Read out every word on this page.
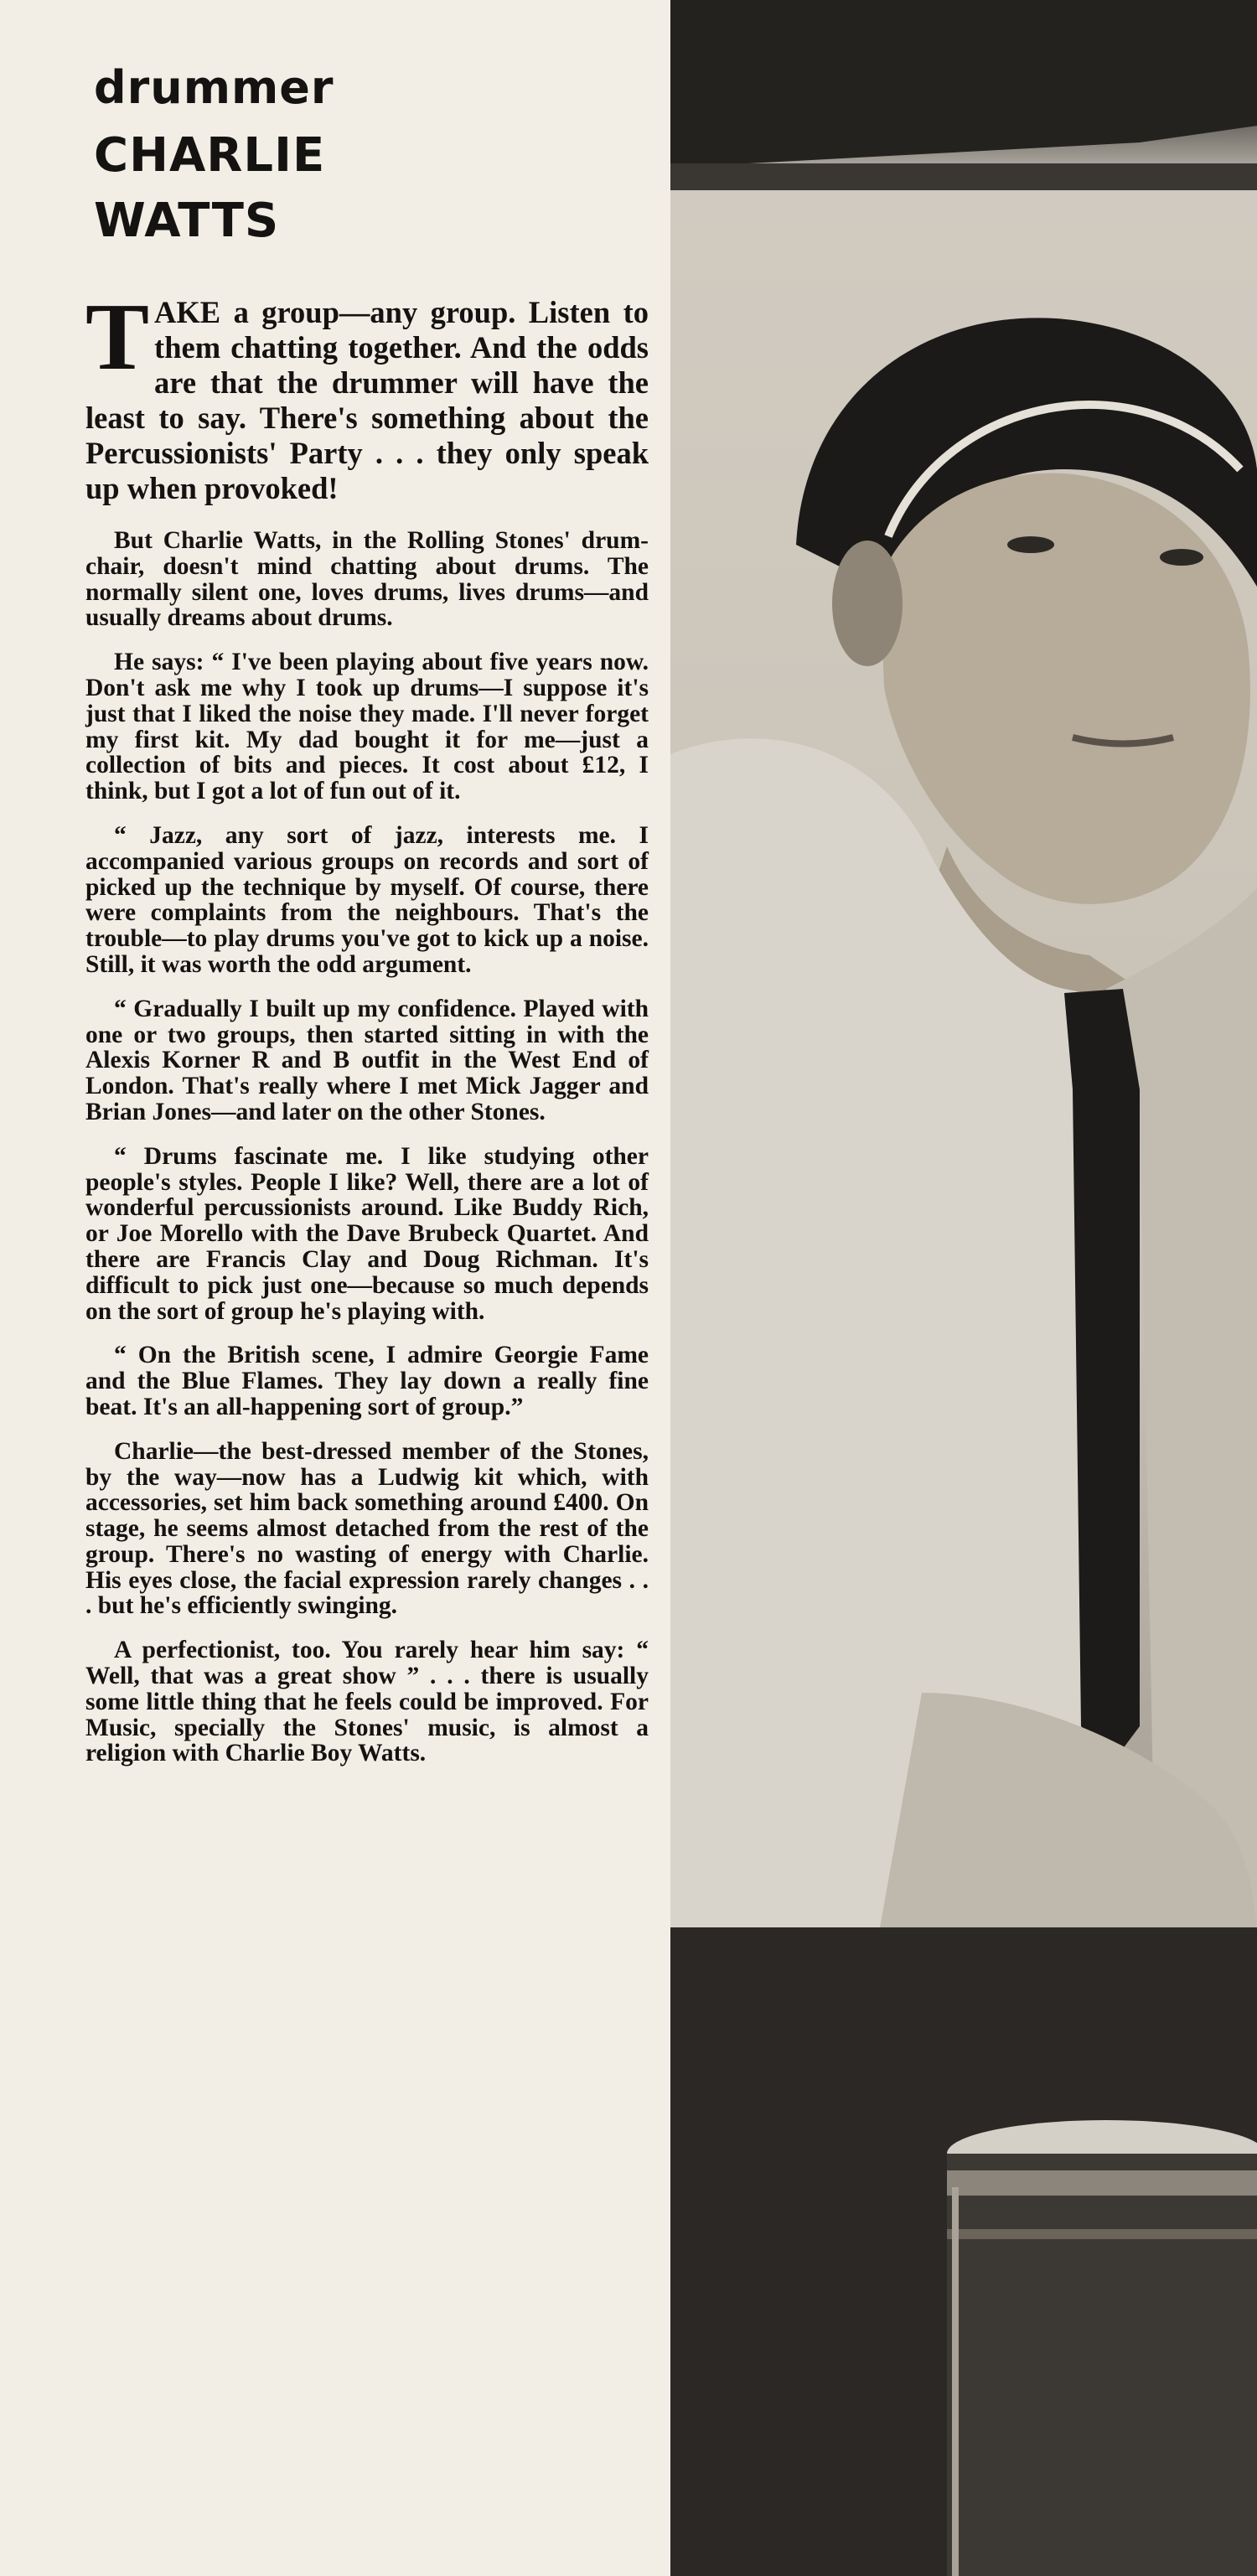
drummer
CHARLIE
WATTS

TAKE a group—any group. Listen to them chatting together. And the odds are that the drummer will have the least to say. There's something about the Percussionists' Party . . . they only speak up when provoked!

But Charlie Watts, in the Rolling Stones' drum-chair, doesn't mind chatting about drums. The normally silent one, loves drums, lives drums—and usually dreams about drums.

He says: “ I've been playing about five years now. Don't ask me why I took up drums—I suppose it's just that I liked the noise they made. I'll never forget my first kit. My dad bought it for me—just a collection of bits and pieces. It cost about £12, I think, but I got a lot of fun out of it.

“ Jazz, any sort of jazz, interests me. I accompanied various groups on records and sort of picked up the technique by myself. Of course, there were complaints from the neighbours. That's the trouble—to play drums you've got to kick up a noise. Still, it was worth the odd argument.

“ Gradually I built up my confidence. Played with one or two groups, then started sitting in with the Alexis Korner R and B outfit in the West End of London. That's really where I met Mick Jagger and Brian Jones—and later on the other Stones.

“ Drums fascinate me. I like studying other people's styles. People I like? Well, there are a lot of wonderful percussionists around. Like Buddy Rich, or Joe Morello with the Dave Brubeck Quartet. And there are Francis Clay and Doug Richman. It's difficult to pick just one—because so much depends on the sort of group he's playing with.

“ On the British scene, I admire Georgie Fame and the Blue Flames. They lay down a really fine beat. It's an all-happening sort of group.”

Charlie—the best-dressed member of the Stones, by the way—now has a Ludwig kit which, with accessories, set him back something around £400. On stage, he seems almost detached from the rest of the group. There's no wasting of energy with Charlie. His eyes close, the facial expression rarely changes . . . but he's efficiently swinging.

A perfectionist, too. You rarely hear him say: “ Well, that was a great show ” . . . there is usually some little thing that he feels could be improved. For Music, specially the Stones' music, is almost a religion with Charlie Boy Watts.
